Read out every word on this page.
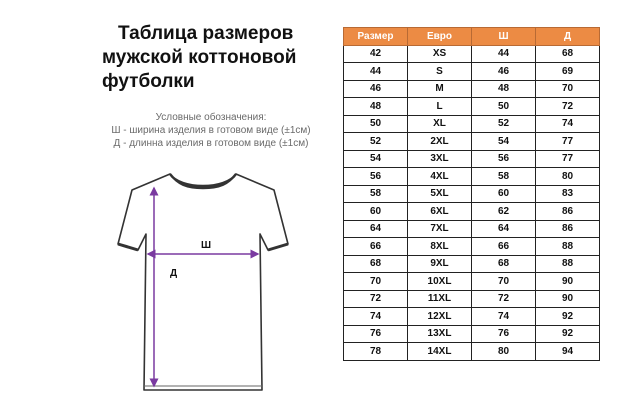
Таблица размеров
мужской коттоновой
футболки
Условные обозначения:
Ш - ширина изделия в готовом виде (±1см)
Д - длинна изделия в готовом виде (±1см)
Ш
Д
Размер	Евро	Ш	Д
42	XS	44	68
44	S	46	69
46	M	48	70
48	L	50	72
50	XL	52	74
52	2XL	54	77
54	3XL	56	77
56	4XL	58	80
58	5XL	60	83
60	6XL	62	86
64	7XL	64	86
66	8XL	66	88
68	9XL	68	88
70	10XL	70	90
72	11XL	72	90
74	12XL	74	92
76	13XL	76	92
78	14XL	80	94
